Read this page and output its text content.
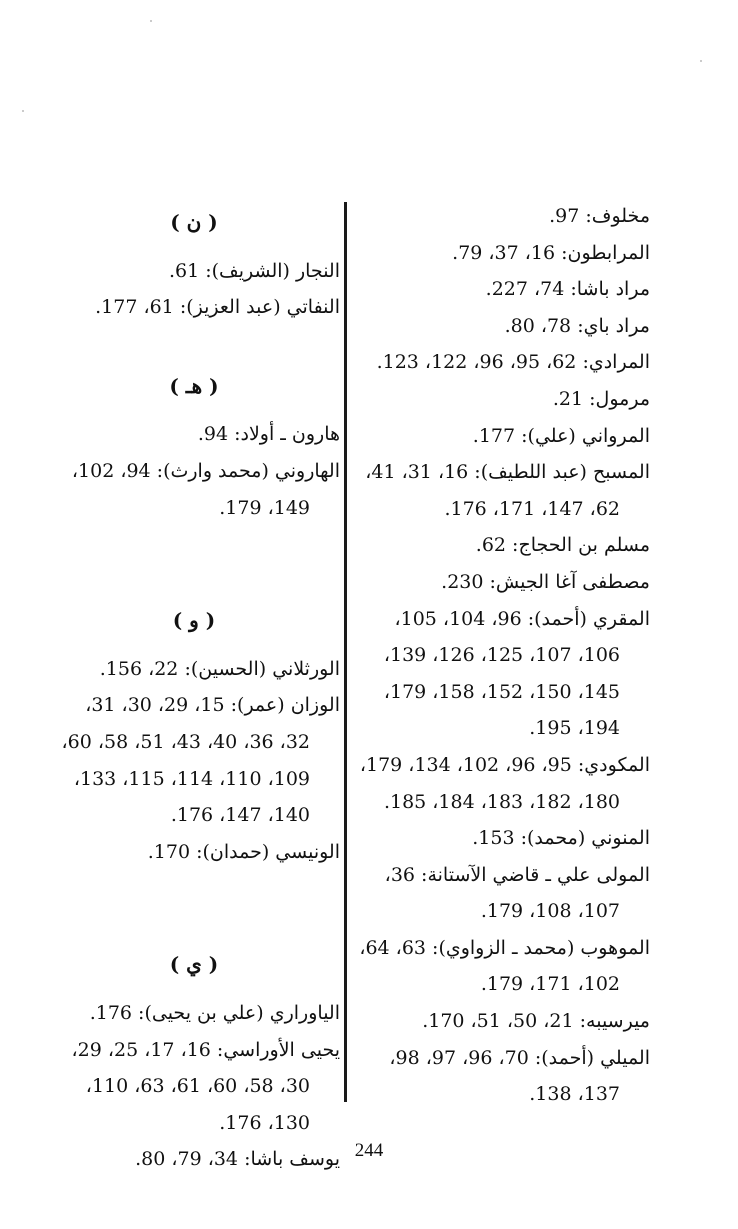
مخلوف: 97.
المرابطون: 16، 37، 79.
مراد باشا: 74، 227.
مراد باي: 78، 80.
المرادي: 62، 95، 96، 122، 123.
مرمول: 21.
المرواني (علي): 177.
المسبح (عبد اللطيف): 16، 31، 41،
62، 147، 171، 176.
مسلم بن الحجاج: 62.
مصطفى آغا الجيش: 230.
المقري (أحمد): 96، 104، 105،
106، 107، 125، 126، 139،
145، 150، 152، 158، 179،
194، 195.
المكودي: 95، 96، 102، 134، 179،
180، 182، 183، 184، 185.
المنوني (محمد): 153.
المولى علي ـ قاضي الآستانة: 36،
107، 108، 179.
الموهوب (محمد ـ الزواوي): 63، 64،
102، 171، 179.
ميرسيبه: 21، 50، 51، 170.
الميلي (أحمد): 70، 96، 97، 98،
137، 138.
( ن )
النجار (الشريف): 61.
النفاتي (عبد العزيز): 61، 177.
( هـ )
هارون ـ أولاد: 94.
الهاروني (محمد وارث): 94، 102،
149، 179.
( و )
الورثلاني (الحسين): 22، 156.
الوزان (عمر): 15، 29، 30، 31،
32، 36، 40، 43، 51، 58، 60،
109، 110، 114، 115، 133،
140، 147، 176.
الونيسي (حمدان): 170.
( ي )
الياوراري (علي بن يحيى): 176.
يحيى الأوراسي: 16، 17، 25، 29،
30، 58، 60، 61، 63، 110،
130، 176.
يوسف باشا: 34، 79، 80. 244
